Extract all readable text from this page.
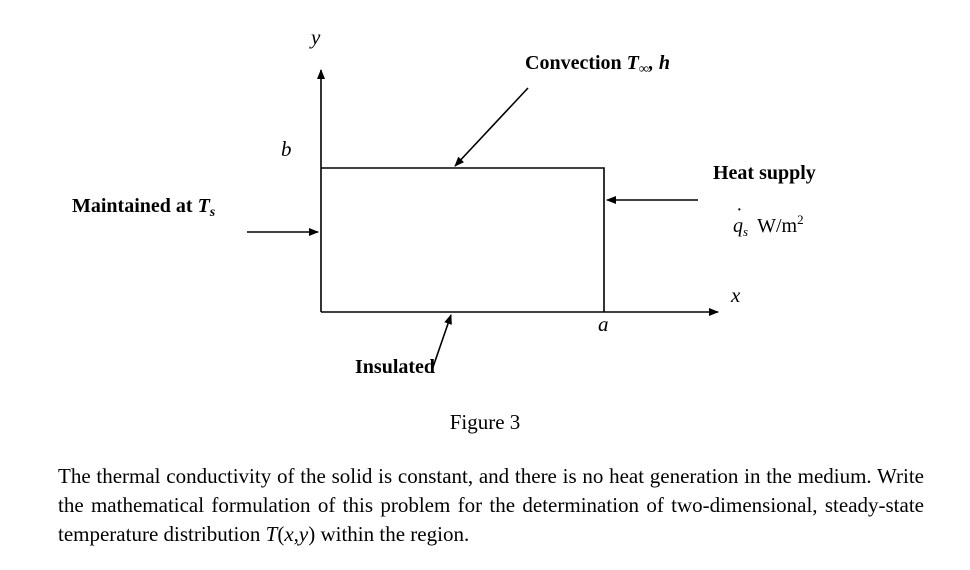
y
b
a
x
Convection $T_\infty$, h
Heat supply
·
$q_s$ $W/m^2$
Maintained at $T_s$
Insulated
Figure 3
The thermal conductivity of the solid is constant, and there is no heat generation in the medium. Write the mathematical formulation of this problem for the determination of two-dimensional, steady-state temperature distribution T(x,y) within the region.
